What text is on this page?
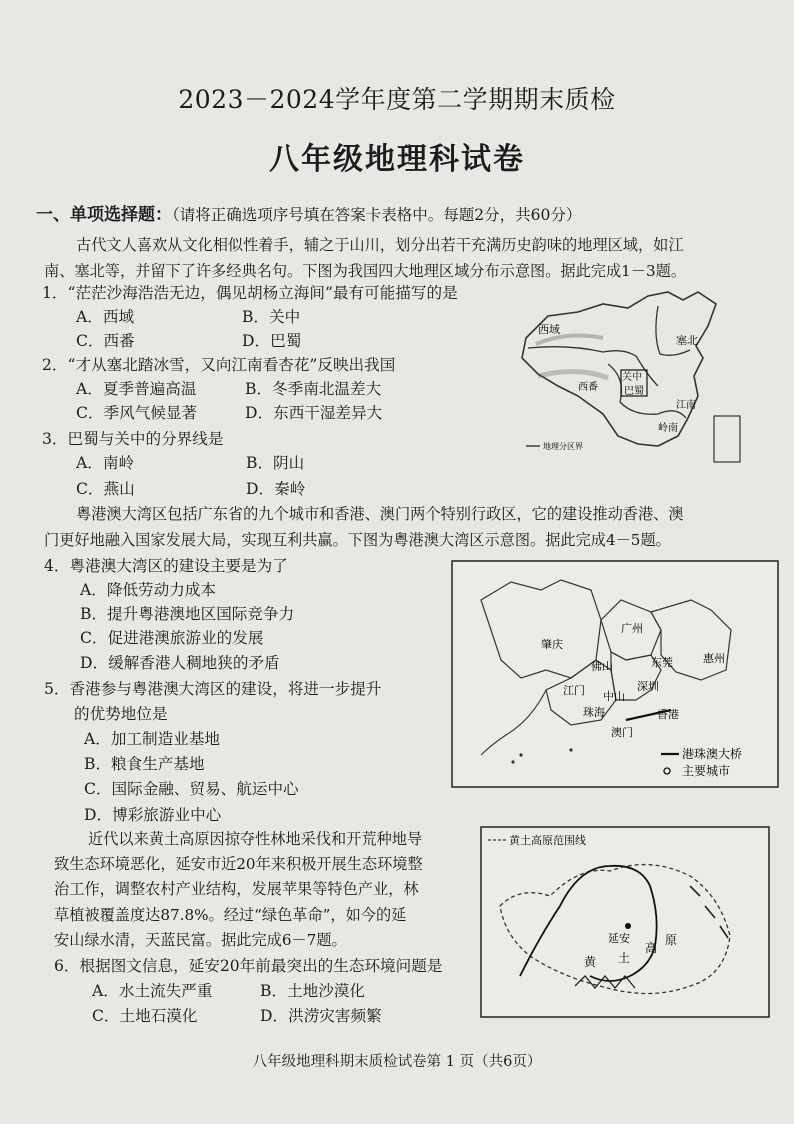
2023－2024学年度第二学期期末质检
八年级地理科试卷
一、单项选择题：（请将正确选项序号填在答案卡表格中。每题2分，共60分）
古代文人喜欢从文化相似性着手，辅之于山川，划分出若干充满历史韵味的地理区域，如江
南、塞北等，并留下了许多经典名句。下图为我国四大地理区域分布示意图。据此完成1－3题。
1．“茫茫沙海浩浩无边，偶见胡杨立海间”最有可能描写的是
A．西域	B．关中
C．西番	D．巴蜀
2．“才从塞北踏冰雪，又向江南看杏花”反映出我国
A．夏季普遍高温	B．冬季南北温差大
C．季风气候显著	D．东西干湿差异大
3．巴蜀与关中的分界线是
A．南岭	B．阴山
C．燕山	D．秦岭
西域
塞北
关中
巴蜀
西番
江南
岭南
地理分区界
粤港澳大湾区包括广东省的九个城市和香港、澳门两个特别行政区，它的建设推动香港、澳
门更好地融入国家发展大局，实现互利共赢。下图为粤港澳大湾区示意图。据此完成4－5题。
4．粤港澳大湾区的建设主要是为了
A．降低劳动力成本
B．提升粤港澳地区国际竞争力
C．促进港澳旅游业的发展
D．缓解香港人稠地狭的矛盾
5．香港参与粤港澳大湾区的建设，将进一步提升
的优势地位是
A．加工制造业基地
B．粮食生产基地
C．国际金融、贸易、航运中心
D．博彩旅游业中心
肇庆
广州
佛山	东莞	惠州
江门 中山
深圳
珠海	香港
澳门
港珠澳大桥
主要城市
近代以来黄土高原因掠夺性林地采伐和开荒种地导
致生态环境恶化，延安市近20年来积极开展生态环境整
治工作，调整农村产业结构，发展苹果等特色产业，林
草植被覆盖度达87.8%。经过“绿色革命”，如今的延
安山绿水清，天蓝民富。据此完成6－7题。
6．根据图文信息，延安20年前最突出的生态环境问题是
A．水土流失严重	B．土地沙漠化
C．土地石漠化	D．洪涝灾害频繁
黄土高原范围线
延安
黄 土
高
原
八年级地理科期末质检试卷第 1 页（共6页）
